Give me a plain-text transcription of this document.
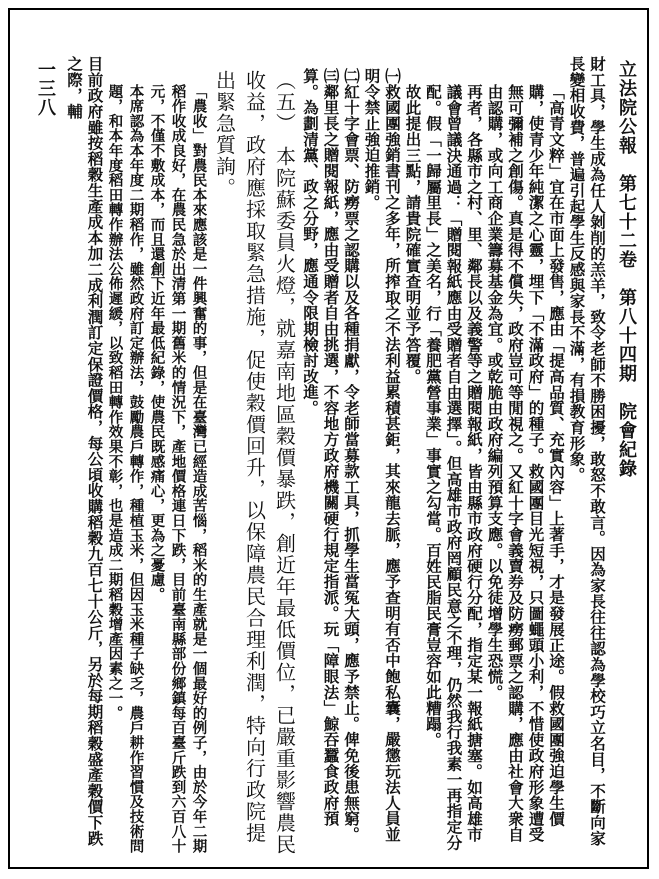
立法院公報　第七十二卷　第八十四期　院會紀錄
一三八	財工具，學生成為任人剝削的羔羊，致令老師不勝困擾，敢怒不敢言。因為家長往往認為學校巧立名目，不斷向家長變相收費，普遍引起學生反感與家長不滿，有損教育形象。

「高青文粹」宜在市面上發售，應由「提高品質、充實內容」上著手，才是發展正途。假救國團強迫學生價購，使青少年純潔之心靈，埋下「不滿政府」的種子。救國團目光短視，只圖蠅頭小利，不惜使政府形象遭受無可彌補之創傷。真是得不償失，政府豈可等閒視之。又紅十字會義賣券及防癆郵票之認購，應由社會大衆自由認購，或向工商企業籌募基金為宜。或乾脆由政府編列預算支應。以免徒增學生恐慌。

再者，各縣市之村、里、鄰長以及義警等之贈閱報紙，皆由縣市政府硬行分配，指定某一報紙搪塞。如高雄市議會曾議決通過：「贈閱報紙應由受贈者自由選擇」。但高雄市政府罔顧民意之不理，仍然我行我素一再指定分配。假「一歸屬里長」之美名，行「養肥黨營事業」事實之勾當。百姓民脂民膏豈容如此糟蹋。

故此提出三點，請貴院確實查明並予答覆。

㈠救國團強銷書刊之多年，所搾取之不法利益累積甚鉅，其來龍去脈，應予查明有否中飽私囊，嚴懲玩法人員並明令禁止強迫推銷。

㈡紅十字會票、防癆票之認購以及各種捐獻，令老師當募款工具，抓學生當冤大頭，應予禁止。俾免後患無窮。

㈢鄰里長之贈閱報紙，應由受贈者自由挑選，不容地方政府機關硬行規定指派。玩「障眼法」鯨吞蠶食政府預算。為劃清黨、政之分野，應通令限期檢討改進。

（五）　本院蘇委員火燈，就嘉南地區穀價暴跌，創近年最低價位，已嚴重影響農民收益，政府應採取緊急措施，促使穀價回升，以保障農民合理利潤，特向行政院提出緊急質詢。

「農收」對農民本來應該是一件興奮的事，但是在臺灣已經造成苦惱，稻米的生產就是一個最好的例子，由於今年二期稻作收成良好，在農民急於出清第一期舊米的情況下，產地價格連日下跌，目前臺南縣部份鄉鎮每百臺斤跌到六百八十元，不僅不敷成本，而且還創下近年最低紀錄，使農民既感痛心，更為之憂慮。

本席認為本年度二期稻作，雖然政府訂定辦法，鼓勵農戶轉作，種植玉米，但因玉米種子缺乏，農戶耕作習慣及技術問題，和本年度稻田轉作辦法公佈遲緩，以致稻田轉作效果不彰，也是造成二期稻穀增產因素之一。

目前政府雖按稻穀生產成本加二成利潤訂定保證價格，每公頃收購稻穀九百七十公斤，另於每期稻穀盛產穀價下跌之際，輔
